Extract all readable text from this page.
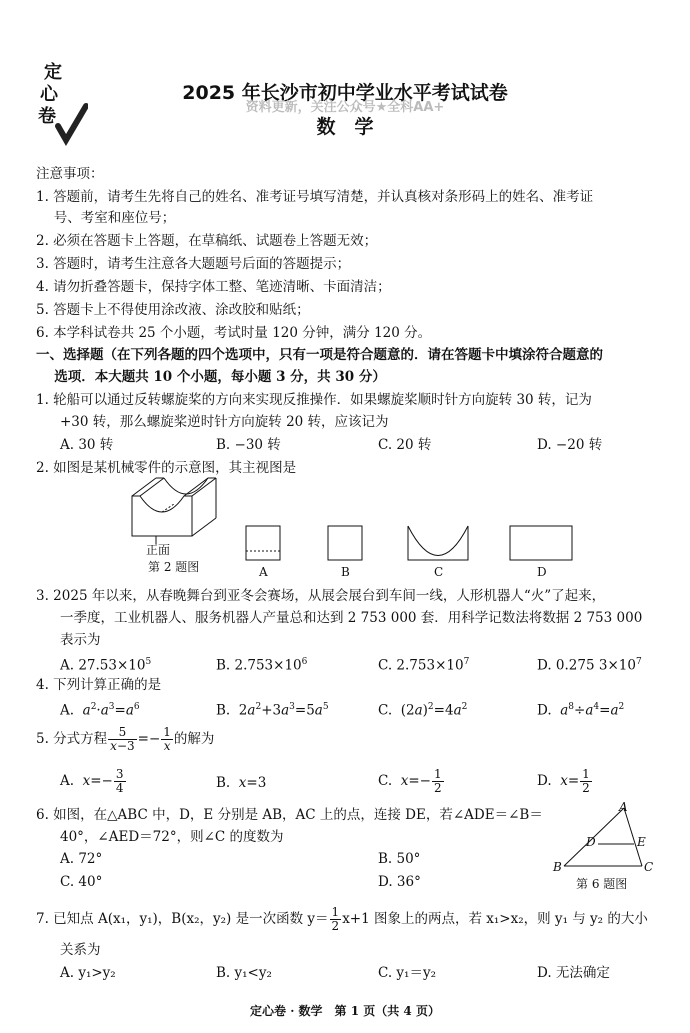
定
心
卷
2025 年长沙市初中学业水平考试试卷
资料更新，关注公众号★全科AA+
数　学
注意事项：
1. 答题前，请考生先将自己的姓名、准考证号填写清楚，并认真核对条形码上的姓名、准考证
　 号、考室和座位号；
2. 必须在答题卡上答题，在草稿纸、试题卷上答题无效；
3. 答题时，请考生注意各大题题号后面的答题提示；
4. 请勿折叠答题卡，保持字体工整、笔迹清晰、卡面清洁；
5. 答题卡上不得使用涂改液、涂改胶和贴纸；
6. 本学科试卷共 25 个小题，考试时量 120 分钟，满分 120 分。
一、选择题（在下列各题的四个选项中，只有一项是符合题意的．请在答题卡中填涂符合题意的
　 选项．本大题共 10 个小题，每小题 3 分，共 30 分）
1. 轮船可以通过反转螺旋桨的方向来实现反推操作．如果螺旋桨顺时针方向旋转 30 转，记为
+30 转，那么螺旋桨逆时针方向旋转 20 转，应该记为
A. 30 转	B. −30 转	C. 20 转	D. −20 转
2. 如图是某机械零件的示意图，其主视图是
正面
第 2 题图	A	B	C	D
3. 2025 年以来，从春晚舞台到亚冬会赛场，从展会展台到车间一线，人形机器人“火”了起来，
一季度，工业机器人、服务机器人产量总和达到 2 753 000 套．用科学记数法将数据 2 753 000
表示为
A. $27.53\times 10^5$	B. $2.753\times 10^6$	C. $2.753\times 10^7$	D. 0.275 $3\times 10^7$
4. 下列计算正确的是
A.  $a^2\cdot a^3=a^6$	B.  $2a^2+3a^3=5a^5$	C.  $(2a)^2=4a^2$	D.  $a^8\div a^4=a^2$
5. 分式方程 $\frac{5}{x-3} =- \frac{1}{x}$ 的解为
A.  $x=- \frac{3}{4}$	B.  x=3	C.  $x=- \frac{1}{2}$	D.  $x= \frac{1}{2}$
6. 如图，在△ABC 中，D，E 分别是 AB，AC 上的点，连接 DE，若∠ADE＝∠B＝
40°，∠AED＝72°，则∠C 的度数为
A. 72°	B. 50°
C. 40°	D. 36°
A
D	E
B	C
第 6 题图
7. 已知点 A(x₁，y₁)，B(x₂，y₂) 是一次函数 $y= \frac{1}{2} x+1$ 图象上的两点，若 x₁>x₂，则 y₁ 与 y₂ 的大小
关系为
A. y₁>y₂	B. y₁<y₂	C. y₁＝y₂	D. 无法确定
定心卷 · 数学　第 1 页（共 4 页）
